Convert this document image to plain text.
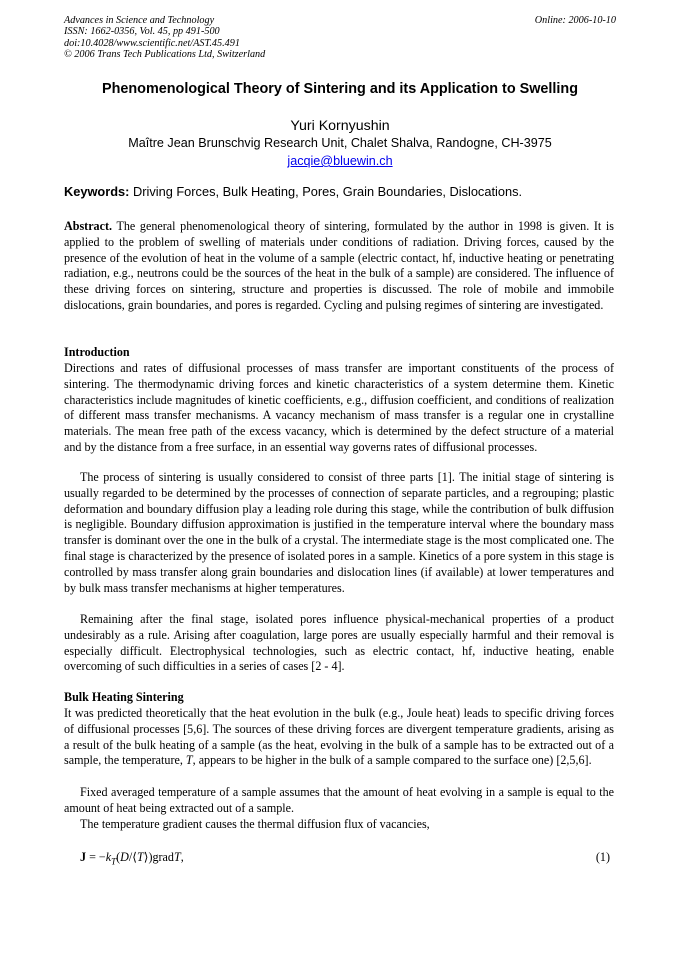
Advances in Science and Technology
ISSN: 1662-0356, Vol. 45, pp 491-500
doi:10.4028/www.scientific.net/AST.45.491
© 2006 Trans Tech Publications Ltd, Switzerland
Online: 2006-10-10
Phenomenological Theory of Sintering and its Application to Swelling
Yuri Kornyushin
Maître Jean Brunschvig Research Unit, Chalet Shalva, Randogne, CH-3975
jacqie@bluewin.ch
Keywords: Driving Forces, Bulk Heating, Pores, Grain Boundaries, Dislocations.

Abstract. The general phenomenological theory of sintering, formulated by the author in 1998 is given. It is applied to the problem of swelling of materials under conditions of radiation. Driving forces, caused by the presence of the evolution of heat in the volume of a sample (electric contact, hf, inductive heating or penetrating radiation, e.g., neutrons could be the sources of the heat in the bulk of a sample) are considered. The influence of these driving forces on sintering, structure and properties is discussed. The role of mobile and immobile dislocations, grain boundaries, and pores is regarded. Cycling and pulsing regimes of sintering are investigated.

Introduction

Directions and rates of diffusional processes of mass transfer are important constituents of the process of sintering. The thermodynamic driving forces and kinetic characteristics of a system determine them. Kinetic characteristics include magnitudes of kinetic coefficients, e.g., diffusion coefficient, and conditions of realization of different mass transfer mechanisms. A vacancy mechanism of mass transfer is a regular one in crystalline materials. The mean free path of the excess vacancy, which is determined by the defect structure of a material and by the distance from a free surface, in an essential way governs rates of diffusional processes.

The process of sintering is usually considered to consist of three parts [1]. The initial stage of sintering is usually regarded to be determined by the processes of connection of separate particles, and a regrouping; plastic deformation and boundary diffusion play a leading role during this stage, while the contribution of bulk diffusion is negligible. Boundary diffusion approximation is justified in the temperature interval where the boundary mass transfer is dominant over the one in the bulk of a crystal. The intermediate stage is the most complicated one. The final stage is characterized by the presence of isolated pores in a sample. Kinetics of a pore system in this stage is controlled by mass transfer along grain boundaries and dislocation lines (if available) at lower temperatures and by bulk mass transfer mechanisms at higher temperatures.

Remaining after the final stage, isolated pores influence physical-mechanical properties of a product undesirably as a rule. Arising after coagulation, large pores are usually especially harmful and their removal is especially difficult. Electrophysical technologies, such as electric contact, hf, inductive heating, enable overcoming of such difficulties in a series of cases [2 - 4].

Bulk Heating Sintering

It was predicted theoretically that the heat evolution in the bulk (e.g., Joule heat) leads to specific driving forces of diffusional processes [5,6]. The sources of these driving forces are divergent temperature gradients, arising as a result of the bulk heating of a sample (as the heat, evolving in the bulk of a sample has to be extracted out of a sample, the temperature, T, appears to be higher in the bulk of a sample compared to the surface one) [2,5,6].

Fixed averaged temperature of a sample assumes that the amount of heat evolving in a sample is equal to the amount of heat being extracted out of a sample.

The temperature gradient causes the thermal diffusion flux of vacancies,

$J = -k_T(D/⟨T⟩)gradT$,	(1)
